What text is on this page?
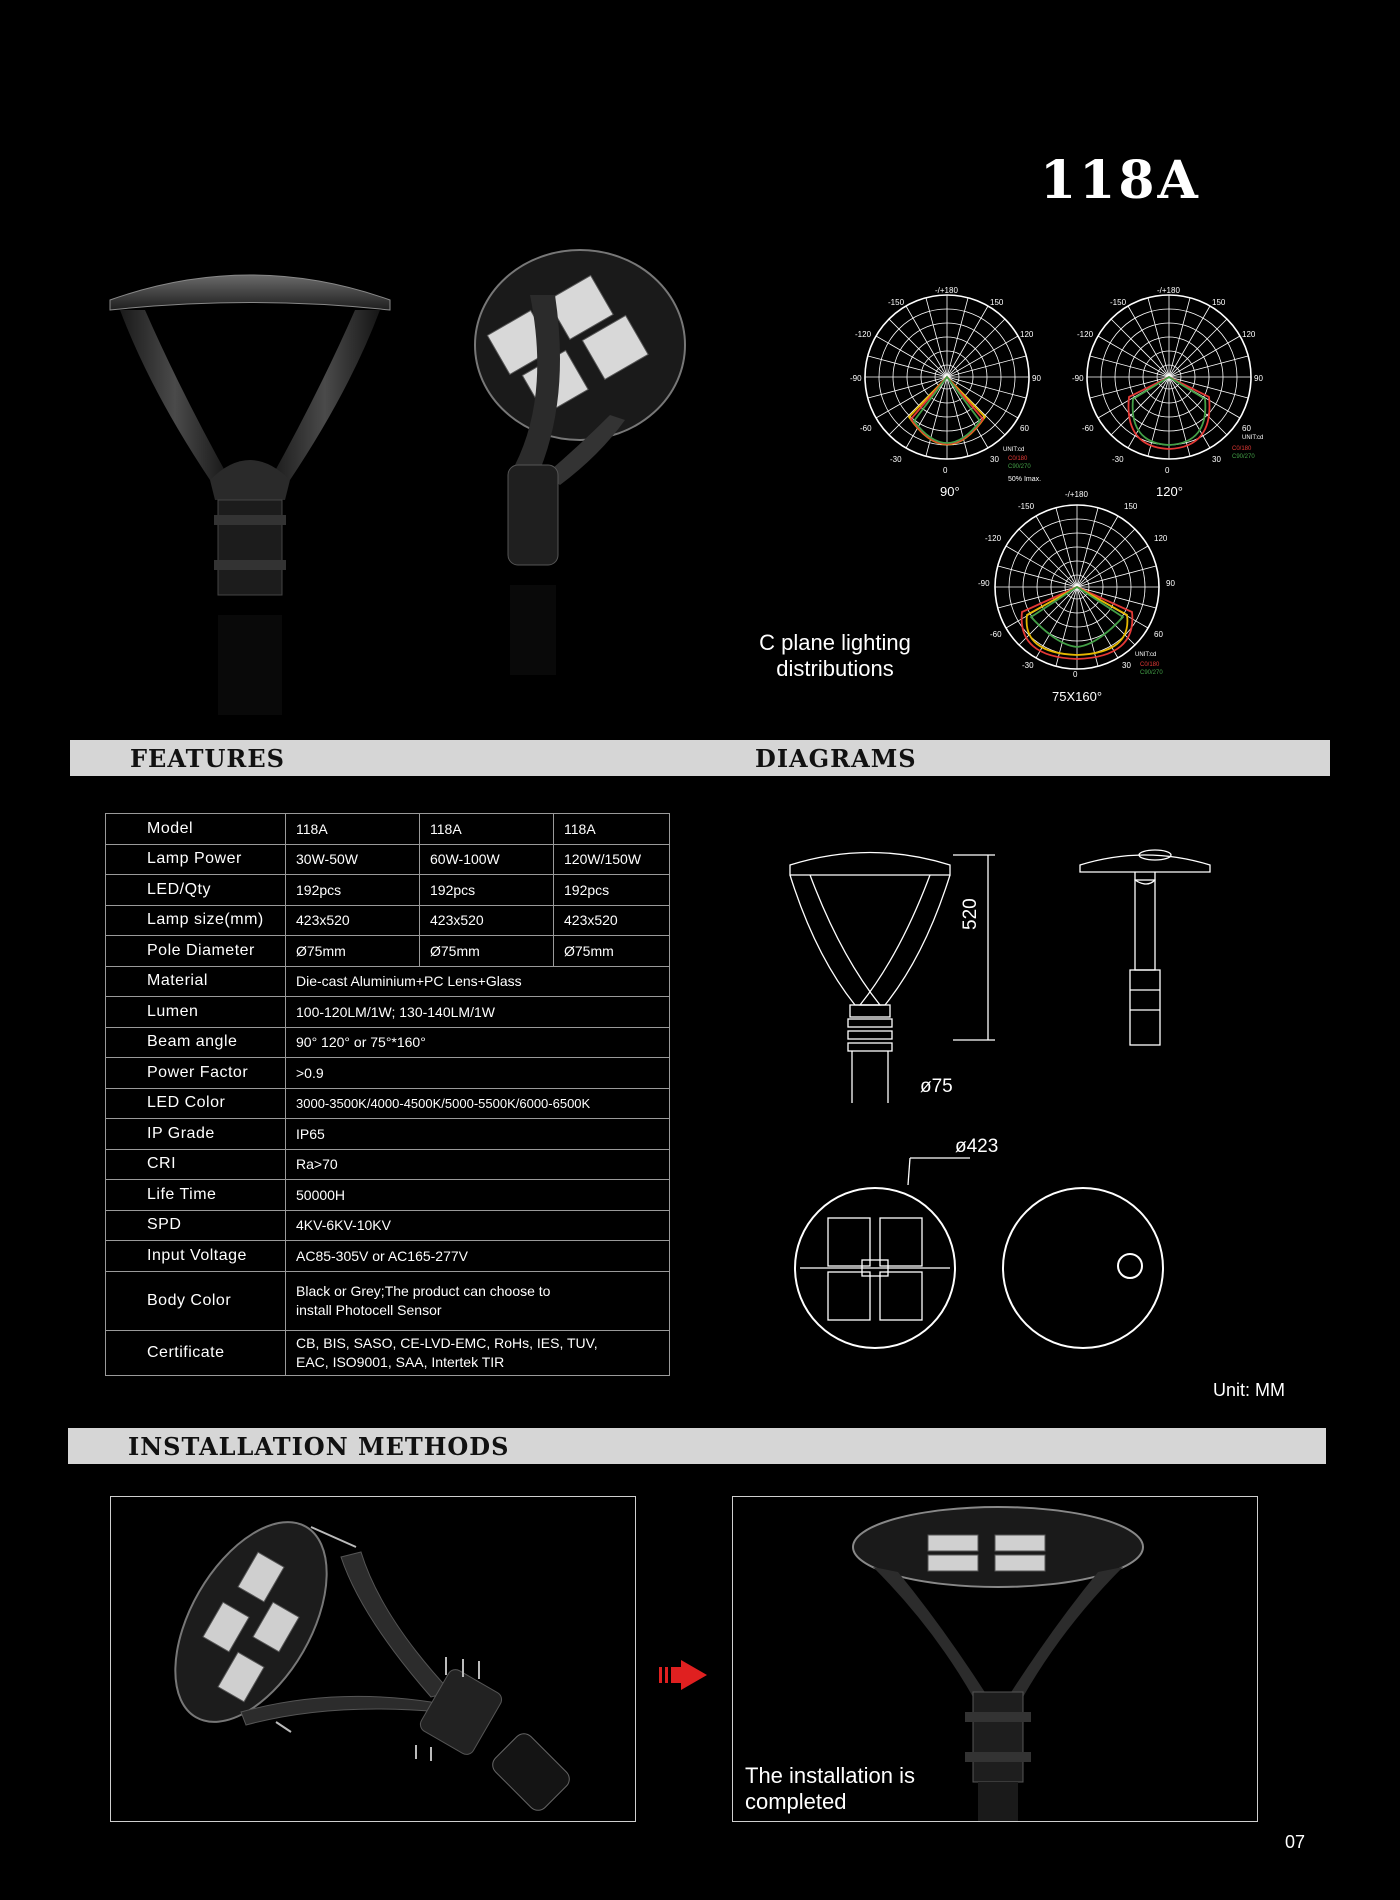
118A
-/+180
-150	150
-120	120
-90	90
-60	60
-30	30
0
UNIT:cd
C0/180
C90/270
50% Imax.
90°
-/+180
-150	150
-120	120
-90	90
-60	60
-30	30
0
UNIT:cd
C0/180
C90/270
120°
-/+180
-150	150
-120	120
-90	90
-60	60
-30	30
0
UNIT:cd
C0/180
C90/270
75X160°
C plane lighting
distributions
FEATURES	DIAGRAMS
Model	118A	118A	118A
Lamp Power	30W-50W	60W-100W	120W/150W
LED/Qty	192pcs	192pcs	192pcs
Lamp size(mm)	423x520	423x520	423x520
Pole Diameter	Ø75mm	Ø75mm	Ø75mm
Material	Die-cast Aluminium+PC Lens+Glass		
Lumen	100-120LM/1W; 130-140LM/1W		
Beam angle	90° 120° or 75°*160°		
Power Factor	>0.9		
LED Color	3000-3500K/4000-4500K/5000-5500K/6000-6500K		
IP Grade	IP65		
CRI	Ra>70		
Life Time	50000H		
SPD	4KV-6KV-10KV		
Input Voltage	AC85-305V or AC165-277V		
Body Color	Black or Grey;The product can choose to
install Photocell Sensor		

Certificate	CB, BIS, SASO, CE-LVD-EMC, RoHs, IES, TUV,
EAC, ISO9001, SAA, Intertek TIR		
520
ø75
ø423
Unit: MM
INSTALLATION METHODS
The installation is
completed
07
